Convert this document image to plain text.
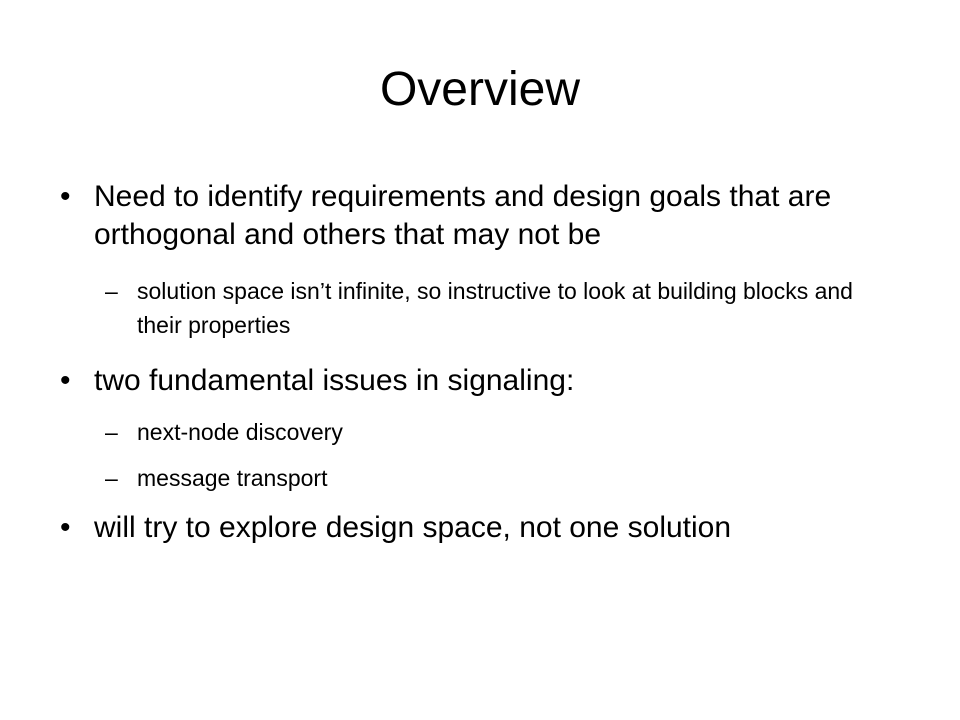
Overview
• Need to identify requirements and design goals that are orthogonal and others that may not be
– solution space isn’t infinite, so instructive to look at building blocks and their properties
• two fundamental issues in signaling:
– next-node discovery
– message transport
• will try to explore design space, not one solution
